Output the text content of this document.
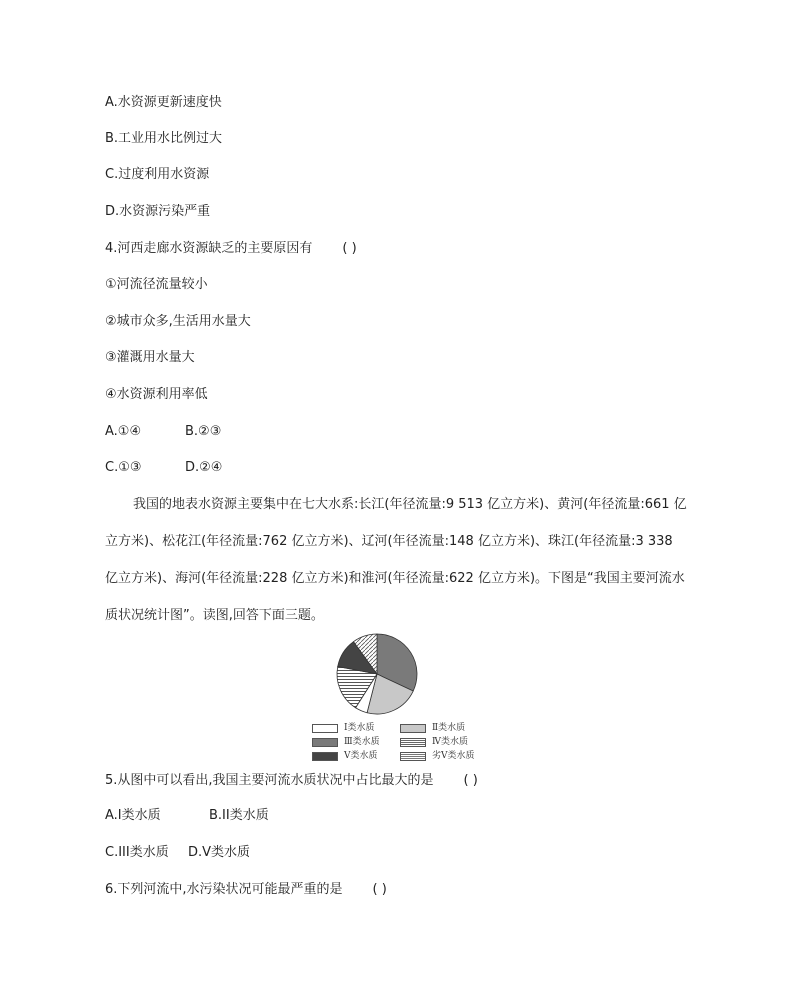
A.水资源更新速度快
B.工业用水比例过大
C.过度利用水资源
D.水资源污染严重
4.河西走廊水资源缺乏的主要原因有 ( )
①河流径流量较小
②城市众多,生活用水量大
③灌溉用水量大
④水资源利用率低
A.①④	B.②③
C.①③	D.②④
我国的地表水资源主要集中在七大水系:长江(年径流量:9 513 亿立方米)、黄河(年径流量:661 亿立方米)、松花江(年径流量:762 亿立方米)、辽河(年径流量:148 亿立方米)、珠江(年径流量:3 338 亿立方米)、海河(年径流量:228 亿立方米)和淮河(年径流量:622 亿立方米)。下图是“我国主要河流水质状况统计图”。读图,回答下面三题。
Ⅰ类水质	Ⅱ类水质
Ⅲ类水质	Ⅳ类水质
Ⅴ类水质	劣Ⅴ类水质
5.从图中可以看出,我国主要河流水质状况中占比最大的是 ( )
A.I类水质	B.II类水质
C.III类水质 D.V类水质
6.下列河流中,水污染状况可能最严重的是 ( )
